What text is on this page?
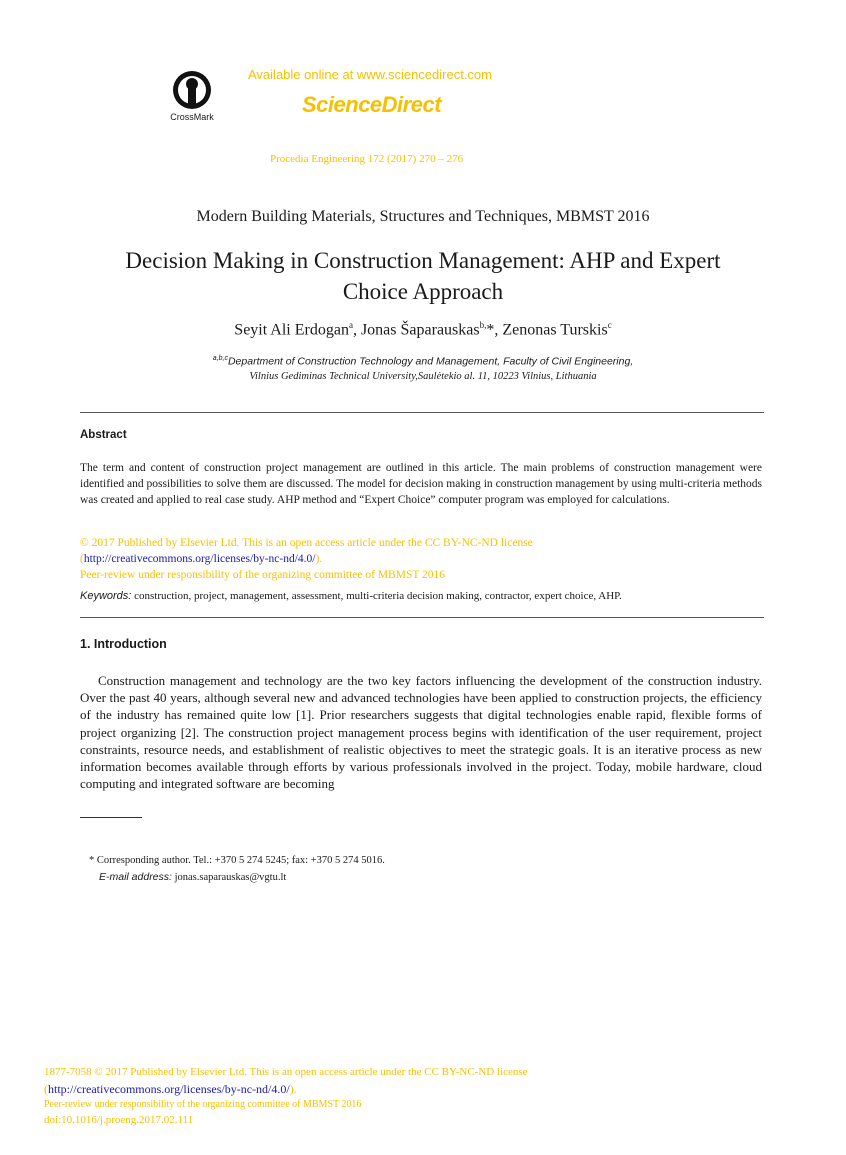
CrossMark
Available online at www.sciencedirect.com
ScienceDirect
Procedia Engineering 172 (2017) 270 – 276
Modern Building Materials, Structures and Techniques, MBMST 2016
Decision Making in Construction Management: AHP and Expert
Choice Approach
Seyit Ali Erdogan$^a$, Jonas Šaparauskas$^{b,}$*, Zenonas Turskis$^c$
$^{a,b,c}$Department of Construction Technology and Management, Faculty of Civil Engineering,
Vilnius Gediminas Technical University,Saulėtekio al. 11, 10223 Vilnius, Lithuania
Abstract
The term and content of construction project management are outlined in this article. The main problems of construction management were identified and possibilities to solve them are discussed. The model for decision making in construction management by using multi-criteria methods was created and applied to real case study. AHP method and “Expert Choice” computer program was employed for calculations.
© 2017 Published by Elsevier Ltd. This is an open access article under the CC BY-NC-ND license
(http://creativecommons.org/licenses/by-nc-nd/4.0/).
Peer-review under responsibility of the organizing committee of MBMST 2016
Keywords: construction, project, management, assessment, multi-criteria decision making, contractor, expert choice, AHP.
1. Introduction
Construction management and technology are the two key factors influencing the development of the construction industry. Over the past 40 years, although several new and advanced technologies have been applied to construction projects, the efficiency of the industry has remained quite low [1]. Prior researchers suggests that digital technologies enable rapid, flexible forms of project organizing [2]. The construction project management process begins with identification of the user requirement, project constraints, resource needs, and establishment of realistic objectives to meet the strategic goals. It is an iterative process as new information becomes available through efforts by various professionals involved in the project. Today, mobile hardware, cloud computing and integrated software are becoming
* Corresponding author. Tel.: +370 5 274 5245; fax: +370 5 274 5016.
E-mail address: jonas.saparauskas@vgtu.lt
1877-7058 © 2017 Published by Elsevier Ltd. This is an open access article under the CC BY-NC-ND license
(http://creativecommons.org/licenses/by-nc-nd/4.0/).
Peer-review under responsibility of the organizing committee of MBMST 2016
doi:10.1016/j.proeng.2017.02.111
